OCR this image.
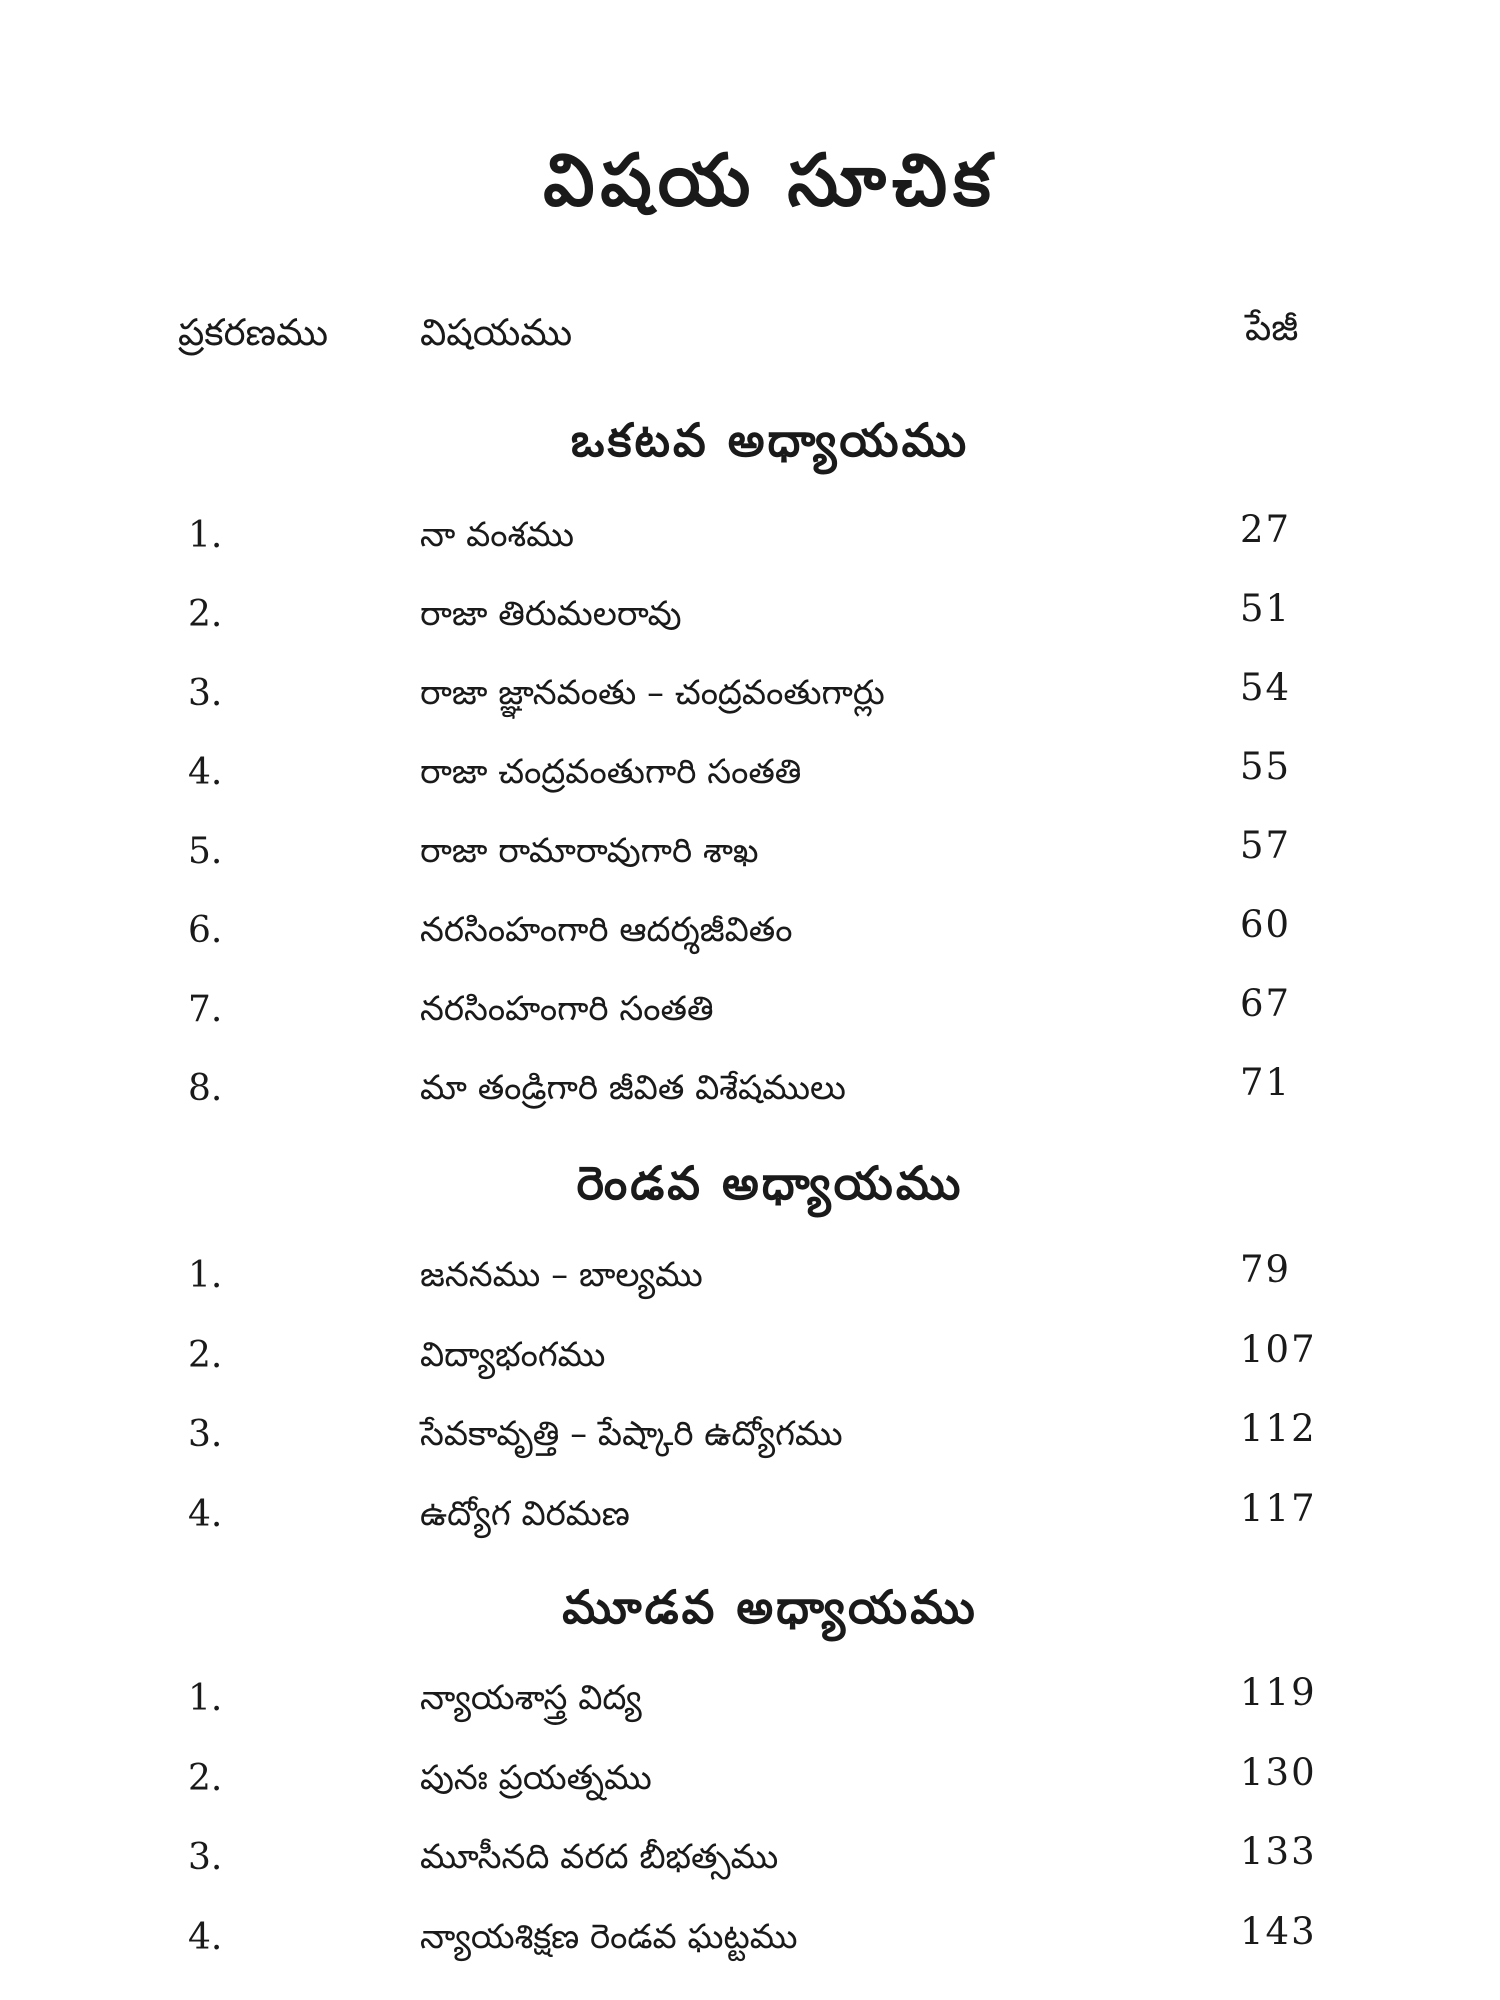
విషయ సూచిక
ప్రకరణము విషయము	పేజీ
ఒకటవ అధ్యాయము
1.	నా వంశము	27
2.	రాజా తిరుమలరావు	51
3.	రాజా జ్ఞానవంతు – చంద్రవంతుగార్లు	54
4.	రాజా చంద్రవంతుగారి సంతతి	55
5.	రాజా రామారావుగారి శాఖ	57
6.	నరసింహంగారి ఆదర్శజీవితం	60
7.	నరసింహంగారి సంతతి	67
8.	మా తండ్రిగారి జీవిత విశేషములు	71
రెండవ అధ్యాయము
1.	జననము – బాల్యము	79
2.	విద్యాభంగము	107
3.	సేవకావృత్తి – పేష్కారి ఉద్యోగము	112
4.	ఉద్యోగ విరమణ	117
మూడవ అధ్యాయము
1.	న్యాయశాస్త్ర విద్య	119
2.	పునః ప్రయత్నము	130
3.	మూసీనది వరద బీభత్సము	133
4.	న్యాయశిక్షణ రెండవ ఘట్టము	143
